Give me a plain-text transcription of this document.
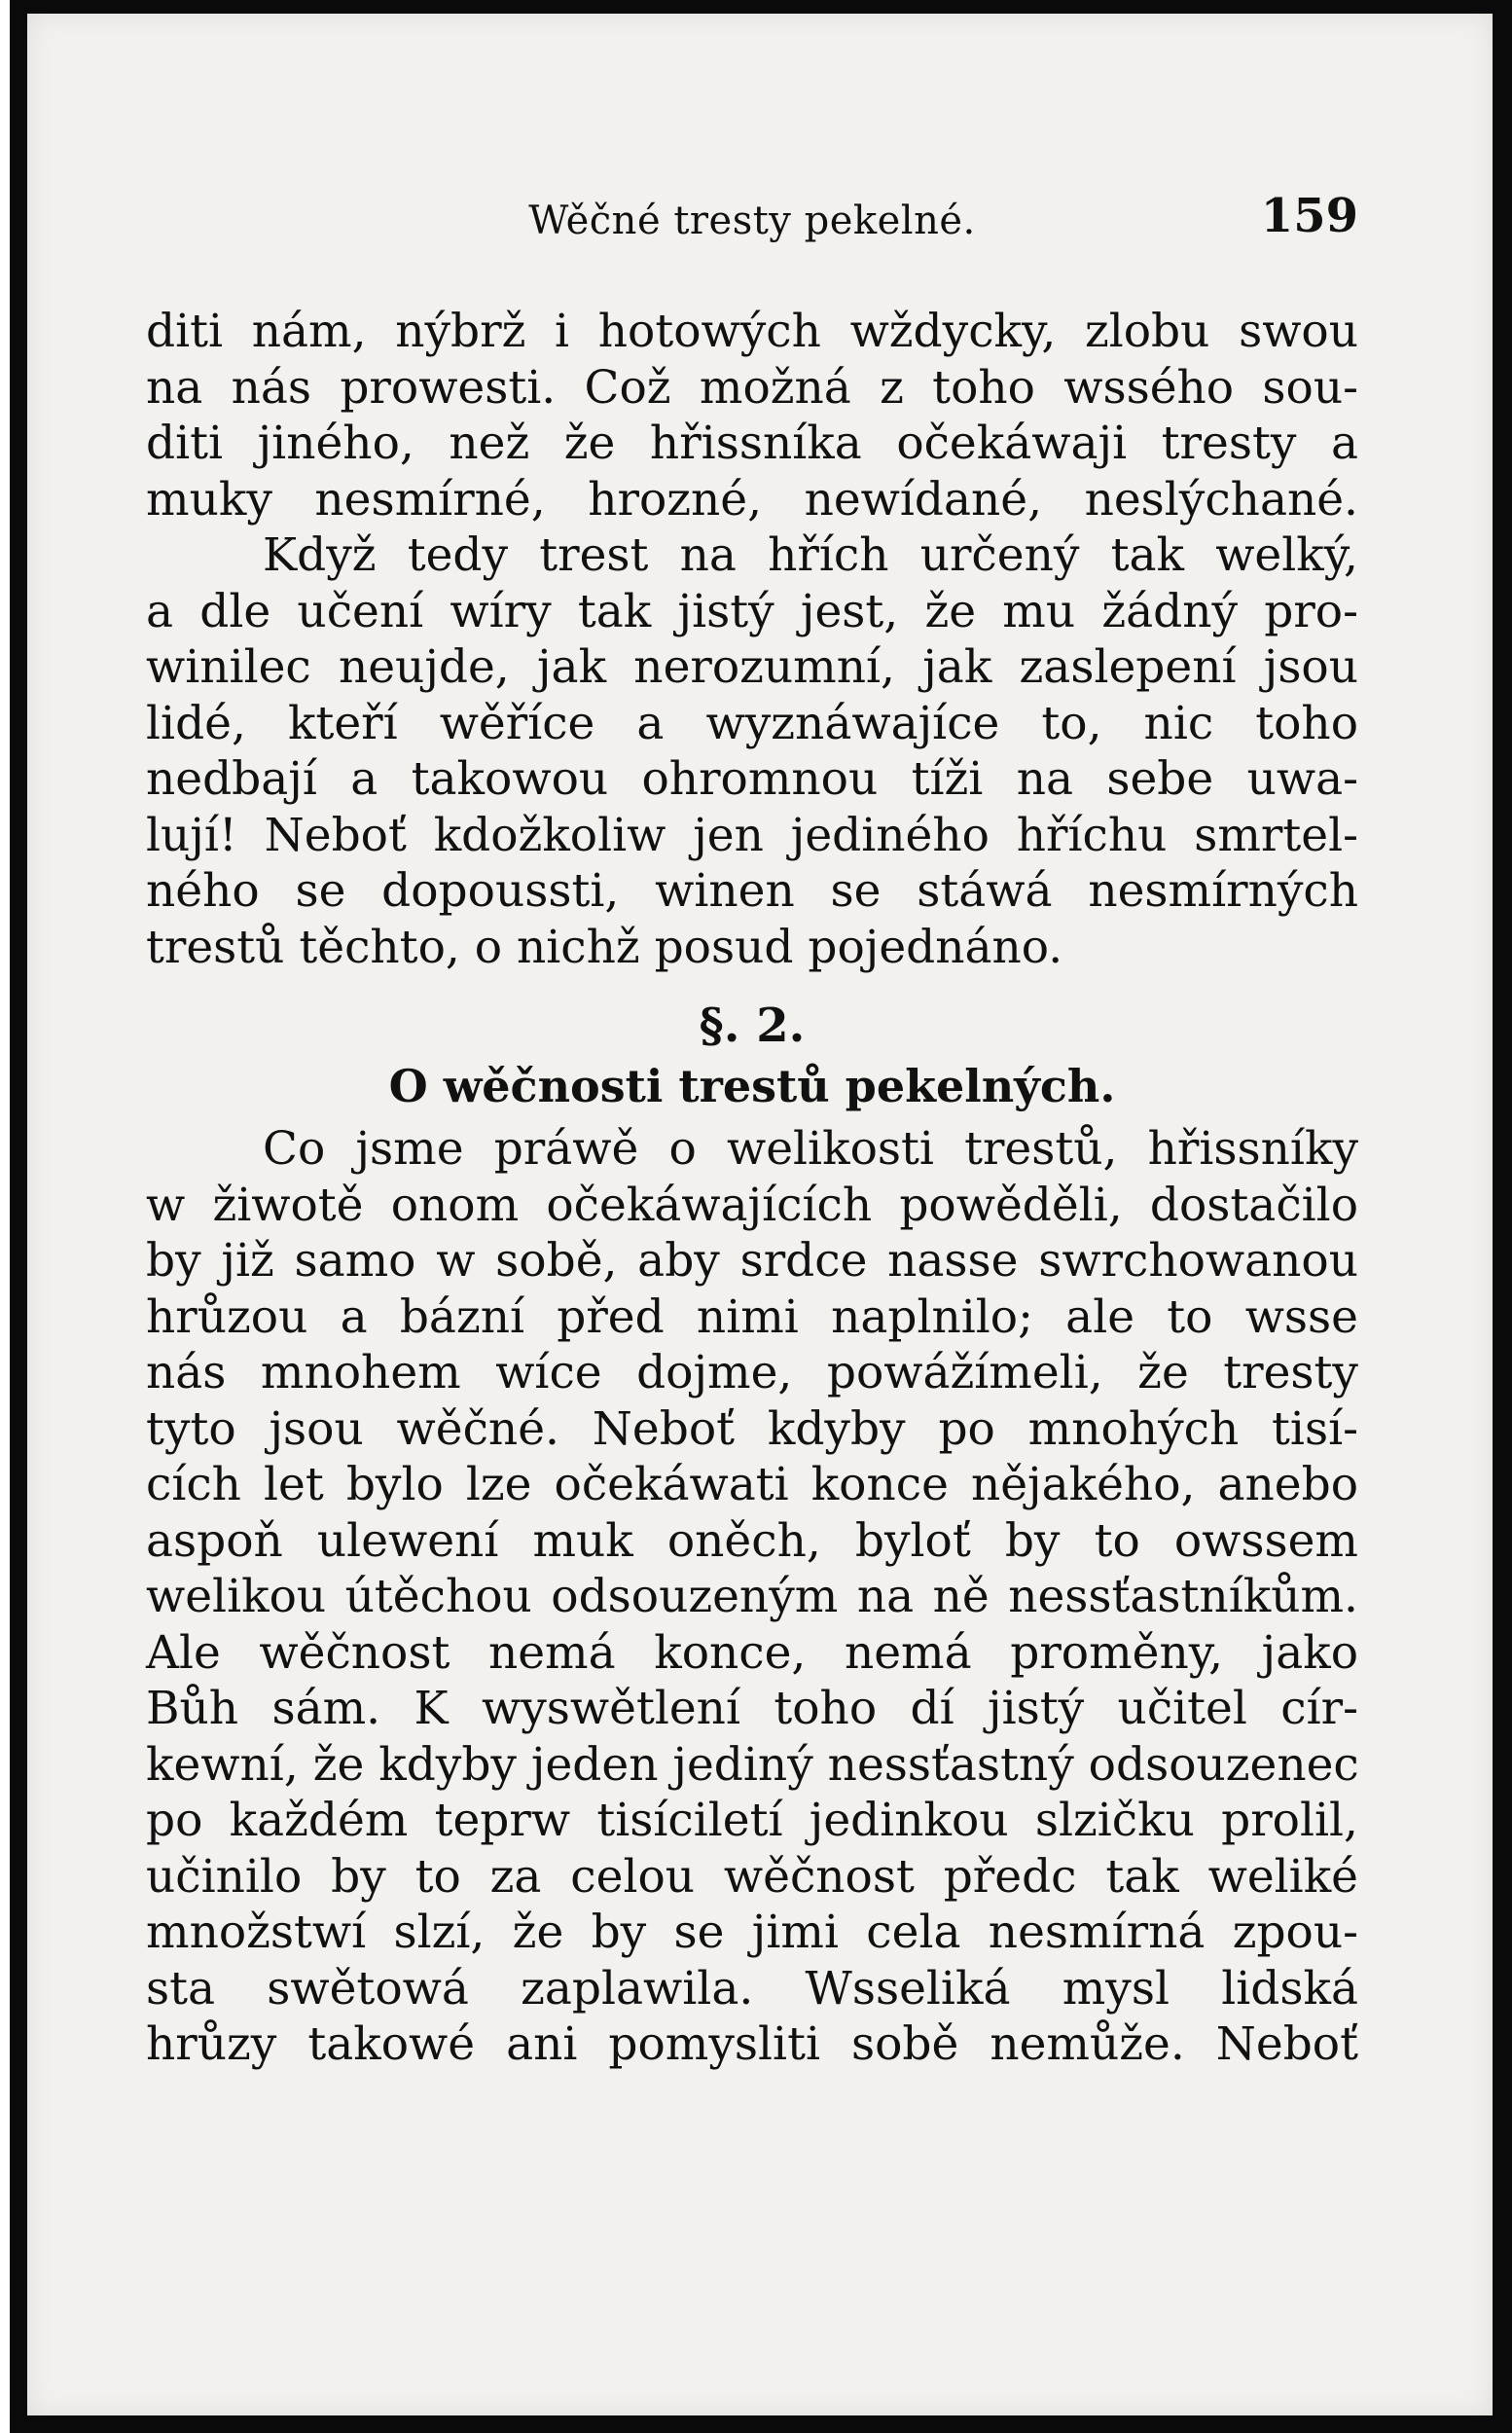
Wěčné tresty pekelné.	159
diti nám, nýbrž i hotowých wždycky, zlobu swou
na nás prowesti. Což možná z toho wssého sou-
diti jiného, než že hřissníka očekáwaji tresty a
muky nesmírné, hrozné, newídané, neslýchané.
Když tedy trest na hřích určený tak welký,
a dle učení wíry tak jistý jest, že mu žádný pro-
winilec neujde, jak nerozumní, jak zaslepení jsou
lidé, kteří wěříce a wyznáwajíce to, nic toho
nedbají a takowou ohromnou tíži na sebe uwa-
lují! Neboť kdožkoliw jen jediného hříchu smrtel-
ného se dopoussti, winen se stáwá nesmírných
trestů těchto, o nichž posud pojednáno.
§. 2.
O wěčnosti trestů pekelných.
Co jsme práwě o welikosti trestů, hřissníky
w žiwotě onom očekáwajících powěděli, dostačilo
by již samo w sobě, aby srdce nasse swrchowanou
hrůzou a bázní před nimi naplnilo; ale to wsse
nás mnohem wíce dojme, powážímeli, že tresty
tyto jsou wěčné. Neboť kdyby po mnohých tisí-
cích let bylo lze očekáwati konce nějakého, anebo
aspoň ulewení muk oněch, byloť by to owssem
welikou útěchou odsouzeným na ně nessťastníkům.
Ale wěčnost nemá konce, nemá proměny, jako
Bůh sám. K wyswětlení toho dí jistý učitel cír-
kewní, že kdyby jeden jediný nessťastný odsouzenec
po každém teprw tisíciletí jedinkou slzičku prolil,
učinilo by to za celou wěčnost předc tak weliké
množstwí slzí, že by se jimi cela nesmírná zpou-
sta swětowá zaplawila. Wsseliká mysl lidská
hrůzy takowé ani pomysliti sobě nemůže. Neboť
